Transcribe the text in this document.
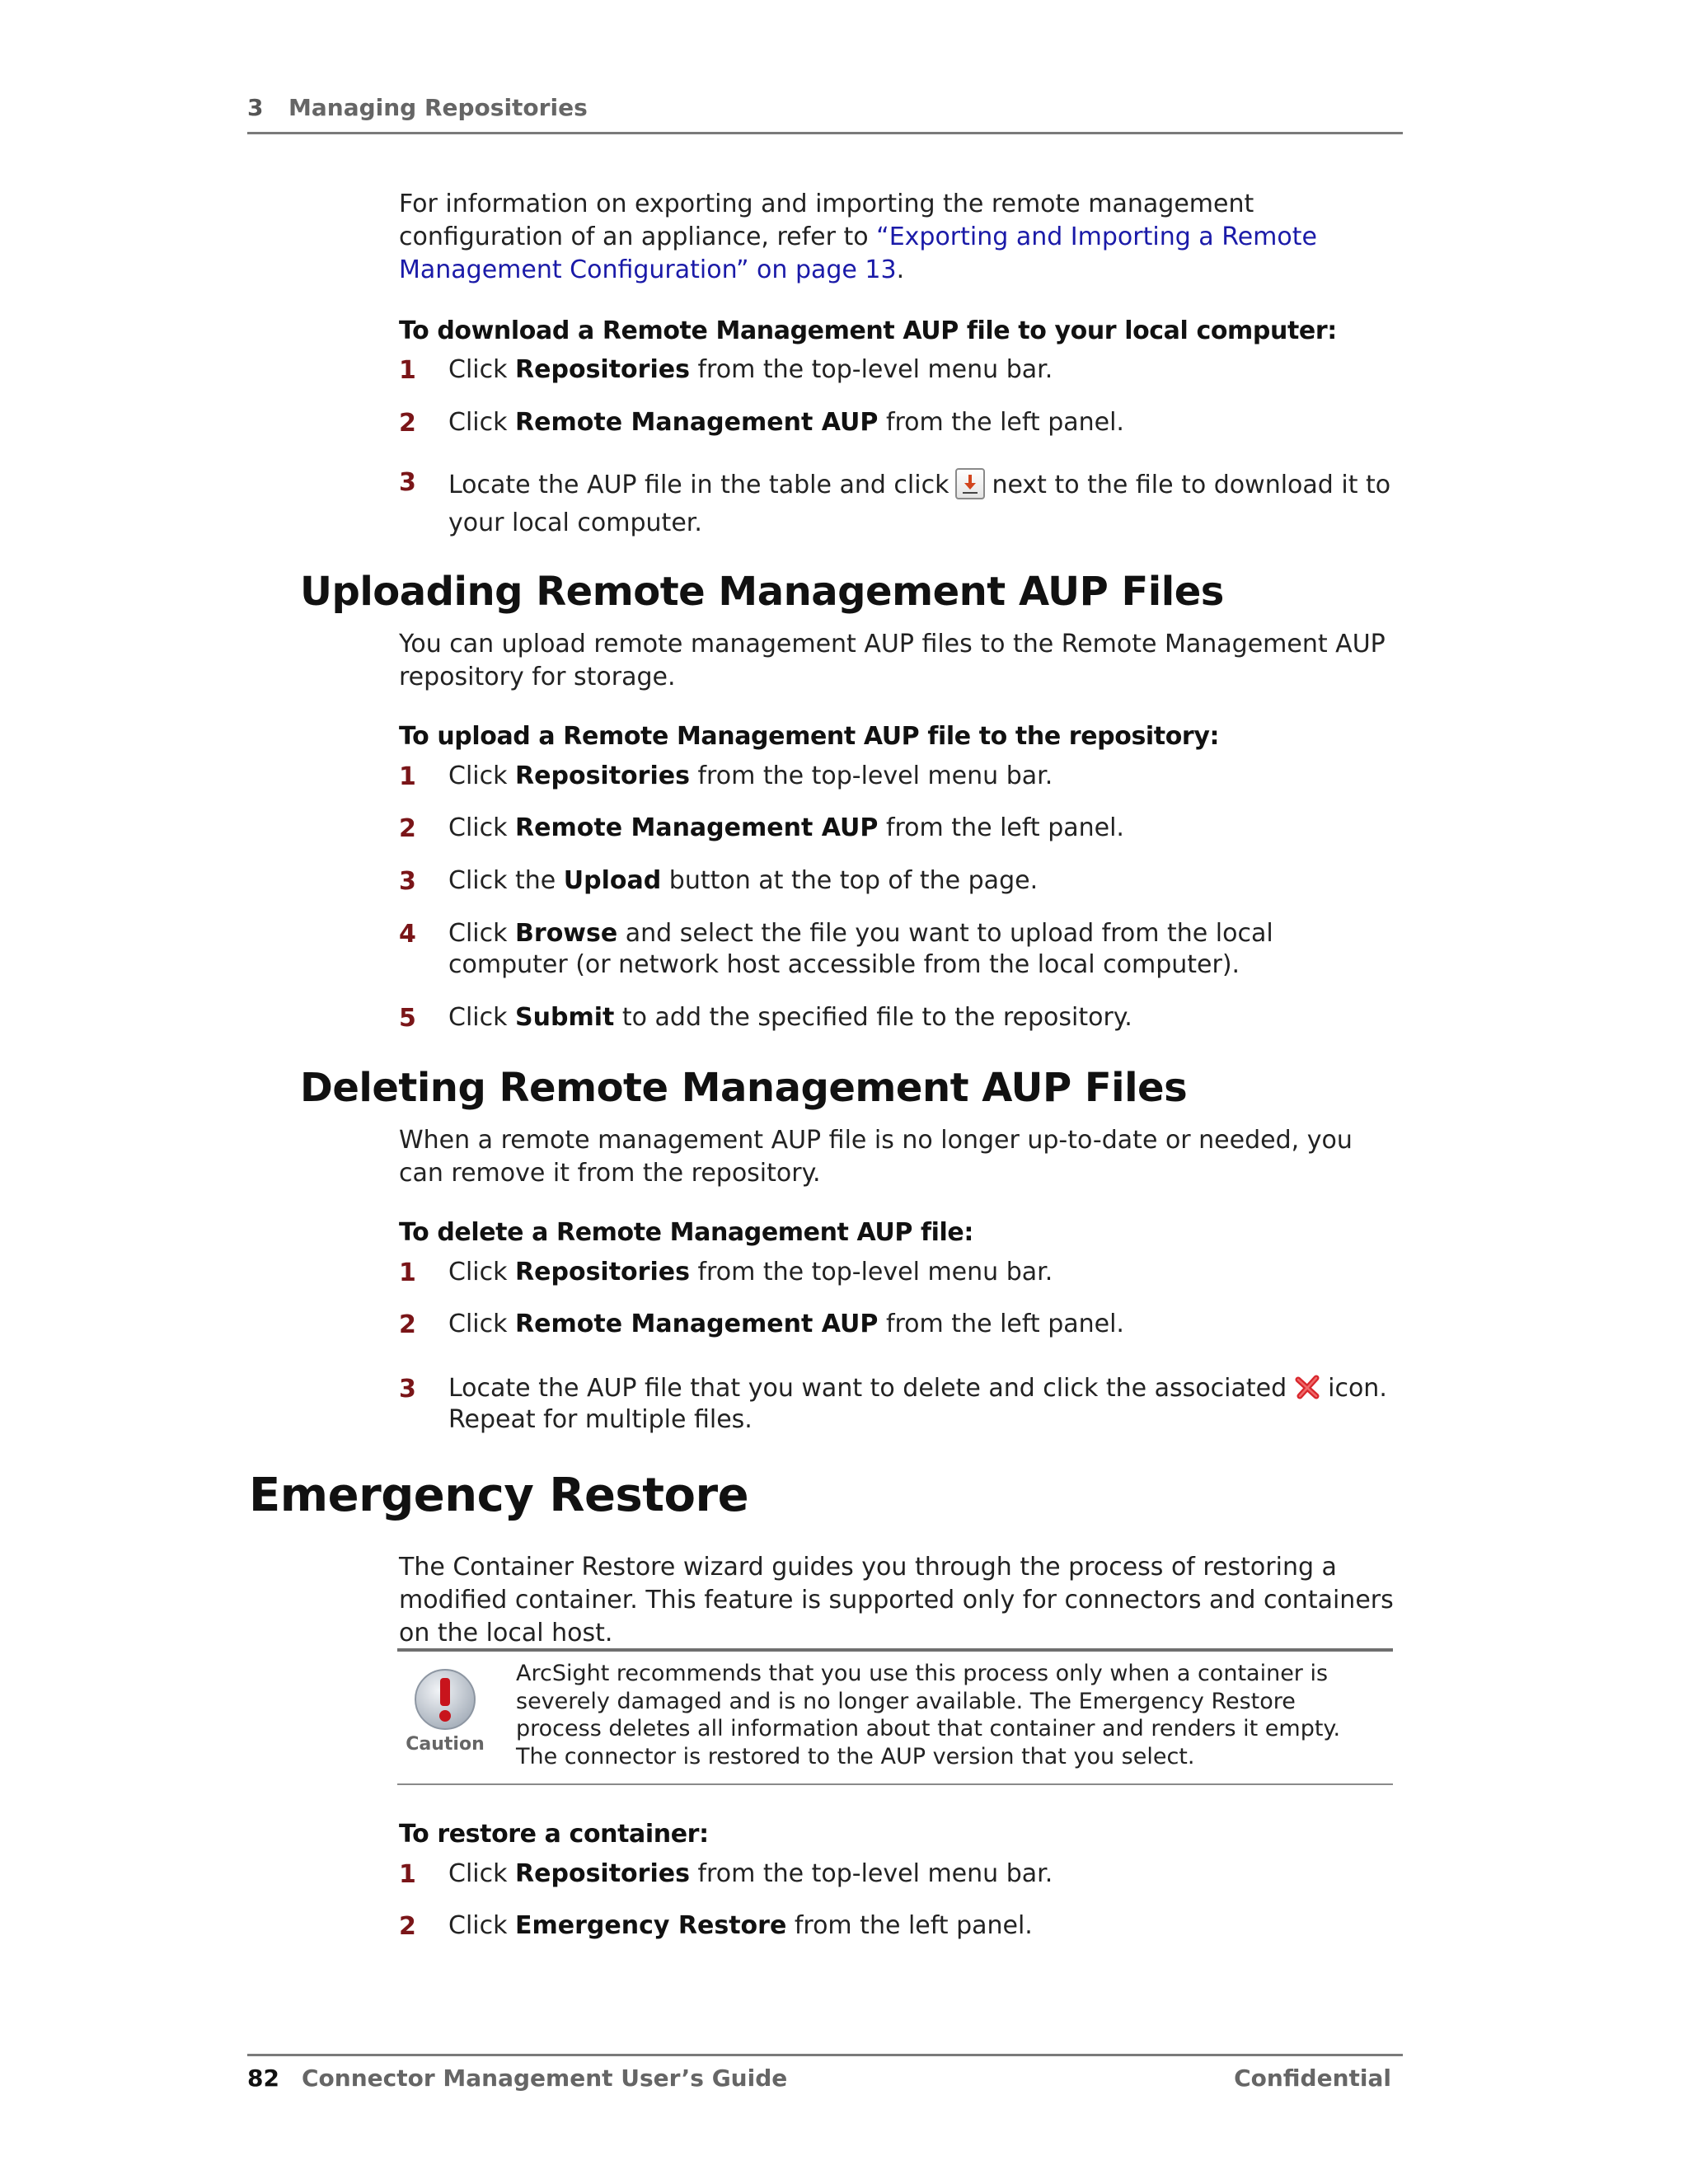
3 Managing Repositories
For information on exporting and importing the remote management configuration of an appliance, refer to “Exporting and Importing a Remote Management Configuration” on page 13.
To download a Remote Management AUP file to your local computer:
1 Click Repositories from the top-level menu bar.
2 Click Remote Management AUP from the left panel.
3 Locate the AUP file in the table and click next to the file to download it to your local computer.
Uploading Remote Management AUP Files
You can upload remote management AUP files to the Remote Management AUP repository for storage.
To upload a Remote Management AUP file to the repository:
1 Click Repositories from the top-level menu bar.
2 Click Remote Management AUP from the left panel.
3 Click the Upload button at the top of the page.
4 Click Browse and select the file you want to upload from the local computer (or network host accessible from the local computer).
5 Click Submit to add the specified file to the repository.
Deleting Remote Management AUP Files
When a remote management AUP file is no longer up-to-date or needed, you can remove it from the repository.
To delete a Remote Management AUP file:
1 Click Repositories from the top-level menu bar.
2 Click Remote Management AUP from the left panel.
3 Locate the AUP file that you want to delete and click the associated icon. Repeat for multiple files.
Emergency Restore
The Container Restore wizard guides you through the process of restoring a modified container. This feature is supported only for connectors and containers on the local host.
Caution
ArcSight recommends that you use this process only when a container is severely damaged and is no longer available. The Emergency Restore process deletes all information about that container and renders it empty. The connector is restored to the AUP version that you select.
To restore a container:
1 Click Repositories from the top-level menu bar.
2 Click Emergency Restore from the left panel.
82 Connector Management User’s Guide	Confidential
